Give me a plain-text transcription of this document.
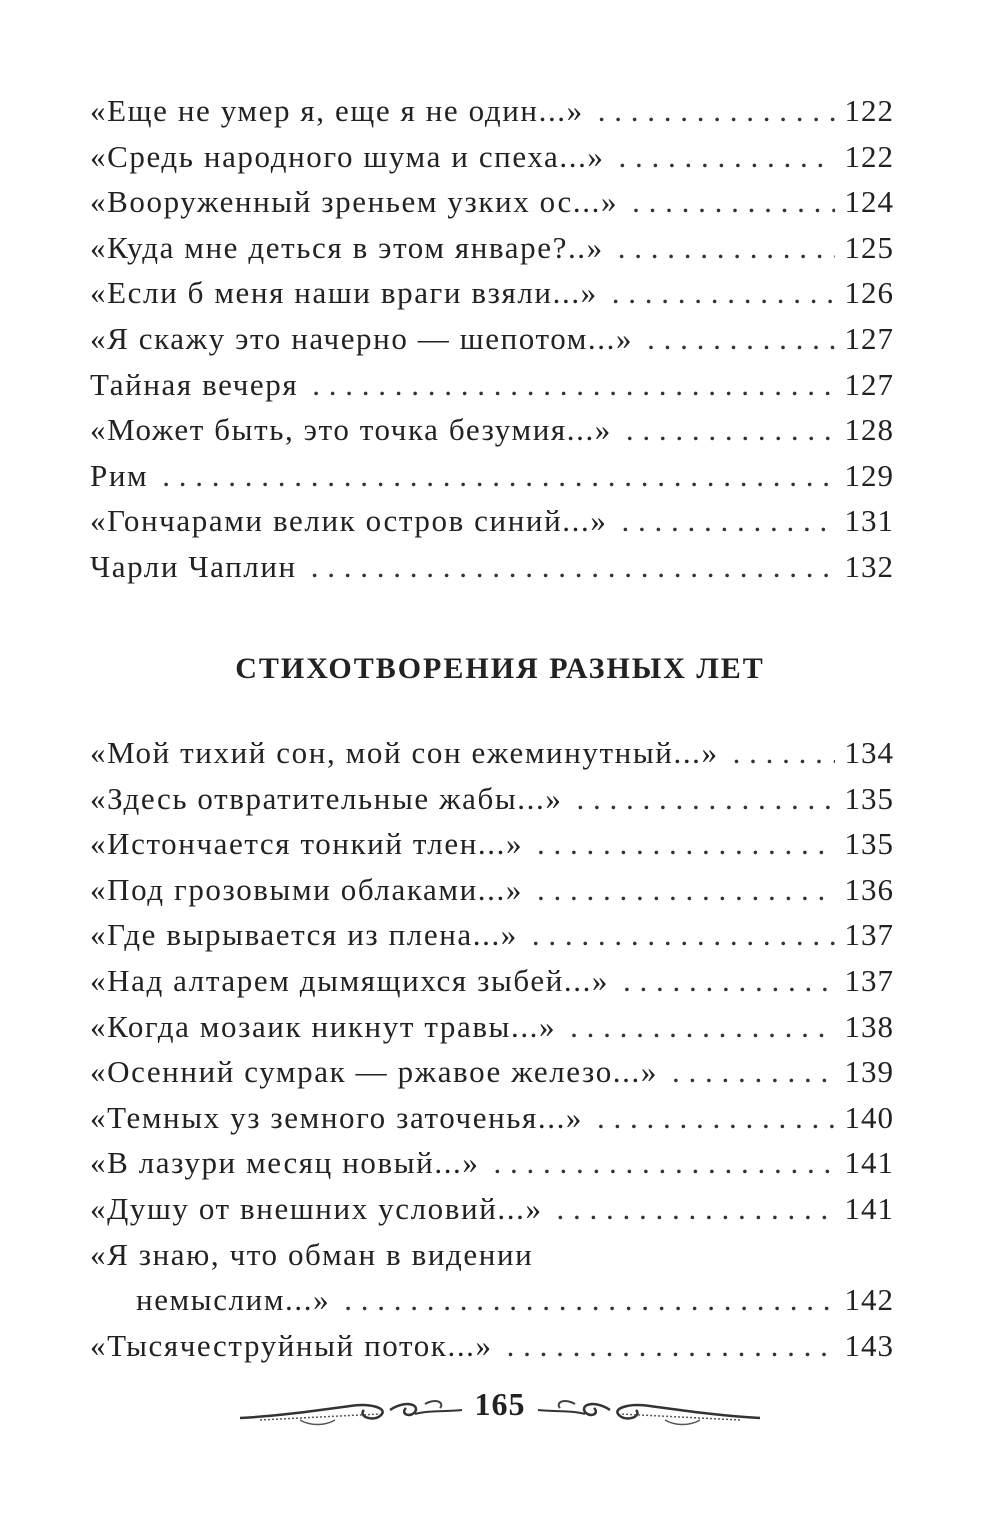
«Еще не умер я, еще я не один...» . . .	122
«Средь народного шума и спеха...» . . .	122
«Вооруженный зреньем узких ос...» . . .	124
«Куда мне деться в этом январе?..» . . .	125
«Если б меня наши враги взяли...» . . .	126
«Я скажу это начерно — шепотом...» . . .	127
Тайная вечеря . . .	127
«Может быть, это точка безумия...» . . .	128
Рим . . .	129
«Гончарами велик остров синий...» . . .	131
Чарли Чаплин . . .	132
СТИХОТВОРЕНИЯ РАЗНЫХ ЛЕТ
«Мой тихий сон, мой сон ежеминутный...» . . .	134
«Здесь отвратительные жабы...» . . .	135
«Истончается тонкий тлен...» . . .	135
«Под грозовыми облаками...» . . .	136
«Где вырывается из плена...» . . .	137
«Над алтарем дымящихся зыбей...» . . .	137
«Когда мозаик никнут травы...» . . .	138
«Осенний сумрак — ржавое железо...» . . .	139
«Темных уз земного заточенья...» . . .	140
«В лазури месяц новый...» . . .	141
«Душу от внешних условий...» . . .	141
«Я знаю, что обман в видении
немыслим...» . . .	142
«Тысячеструйный поток...» . . .	143
165
